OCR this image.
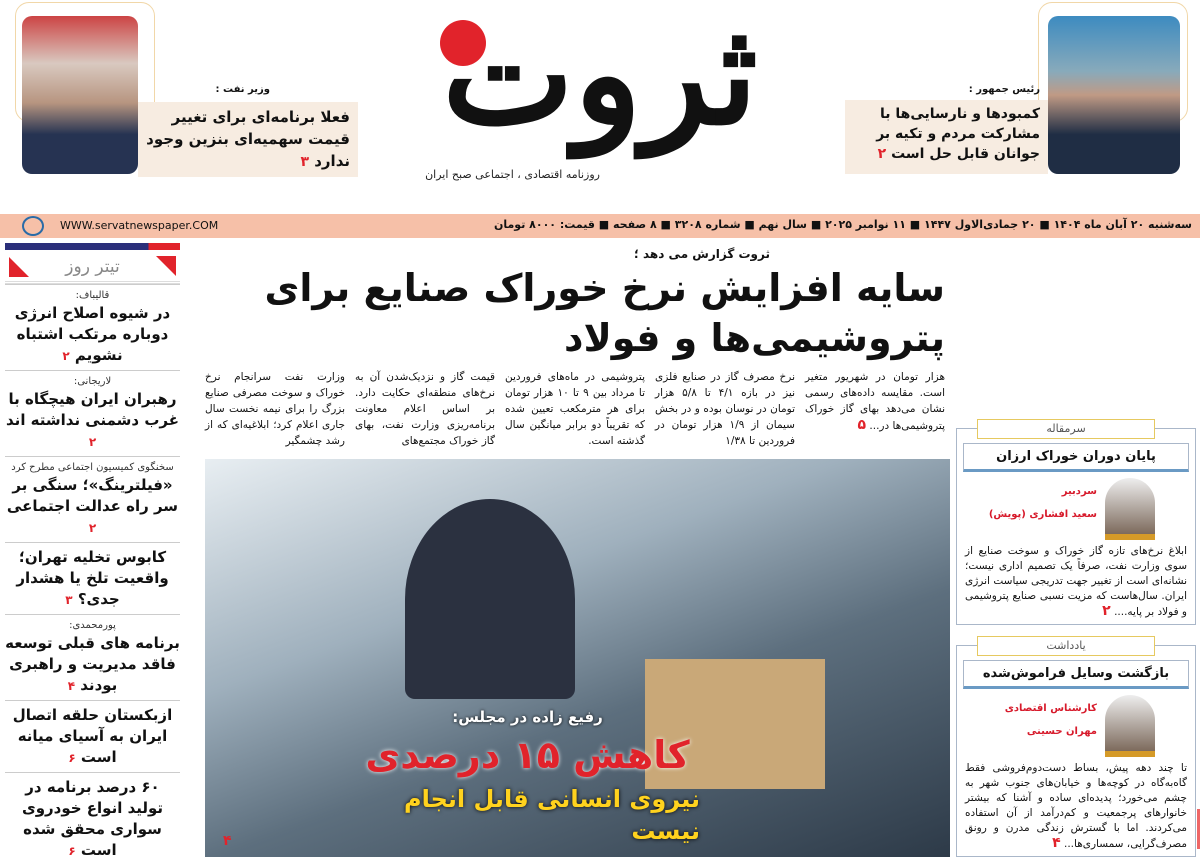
ثروت
روزنامه اقتصادی ، اجتماعی صبح ایران
وزیر نفت :
فعلا برنامه‌ای برای تغییر قیمت سهمیه‌ای بنزین وجود ندارد ۳
رئیس جمهور :
کمبودها و نارسایی‌ها با مشارکت مردم و تکیه بر جوانان قابل حل است ۲
سه‌شنبه ۲۰ آبان ماه ۱۴۰۴ ■ ۲۰ جمادی‌الاول ۱۴۴۷ ■ ۱۱ نوامبر ۲۰۲۵ ■ سال نهم ■ شماره ۳۲۰۸ ■ ۸ صفحه ■ قیمت: ۸۰۰۰ تومان
WWW.servatnewspaper.COM
تیتر روز
قالیباف:
در شیوه اصلاح انرژی دوباره مرتکب اشتباه نشویم ۲
لاریجانی:
رهبران ایران هیچگاه با غرب دشمنی نداشته اند ۲
سخنگوی کمیسیون اجتماعی مطرح کرد
«فیلترینگ»؛ سنگی بر سر راه عدالت اجتماعی ۲
کابوس تخلیه تهران؛ واقعیت تلخ یا هشدار جدی؟ ۳
پورمحمدی:
برنامه های قبلی توسعه فاقد مدیریت و راهبری بودند ۴
ازبکستان حلقه اتصال ایران به آسیای میانه است ۶
۶۰ درصد برنامه در تولید انواع خودروی سواری محقق شده است ۶
ثروت گزارش می دهد ؛
سایه افزایش نرخ خوراک صنایع برای پتروشیمی‌ها و فولاد
وزارت نفت سرانجام نرخ خوراک و سوخت مصرفی صنایع بزرگ را برای نیمه نخست سال جاری اعلام کرد؛ ابلاغیه‌ای که از رشد چشمگیر
قیمت گاز و نزدیک‌شدن آن به نرخ‌های منطقه‌ای حکایت دارد. بر اساس اعلام معاونت برنامه‌ریزی وزارت نفت، بهای گاز خوراک مجتمع‌های
پتروشیمی در ماه‌های فروردین تا مرداد بین ۹ تا ۱۰ هزار تومان برای هر مترمکعب تعیین شده که تقریباً دو برابر میانگین سال گذشته است.
نرخ مصرف گاز در صنایع فلزی نیز در بازه ۴/۱ تا ۵/۸ هزار تومان در نوسان بوده و در بخش سیمان از ۱/۹ هزار تومان در فروردین تا ۱/۳۸
هزار تومان در شهریور متغیر است. مقایسه داده‌های رسمی نشان می‌دهد بهای گاز خوراک پتروشیمی‌ها در... ۵
رفیع زاده در مجلس:
کاهش ۱۵ درصدی
نیروی انسانی قابل انجام نیست
۴
سرمقاله
پایان دوران خوراک ارزان
سردبیر
سعید افشاری (پویش)
ابلاغ نرخ‌های تازه گاز خوراک و سوخت صنایع از سوی وزارت نفت، صرفاً یک تصمیم اداری نیست؛ نشانه‌ای است از تغییر جهت تدریجی سیاست انرژی ایران. سال‌هاست که مزیت نسبی صنایع پتروشیمی و فولاد بر پایه.... ۲
یادداشت
بازگشت وسایل فراموش‌شده
کارشناس اقتصادی
مهران حسینی
تا چند دهه پیش، بساط دست‌دوم‌فروشی فقط گاه‌به‌گاه در کوچه‌ها و خیابان‌های جنوب شهر به چشم می‌خورد؛ پدیده‌ای ساده و آشنا که بیشتر خانوارهای پرجمعیت و کم‌درآمد از آن استفاده می‌کردند. اما با گسترش زندگی مدرن و رونق مصرف‌گرایی، سمساری‌ها... ۴
